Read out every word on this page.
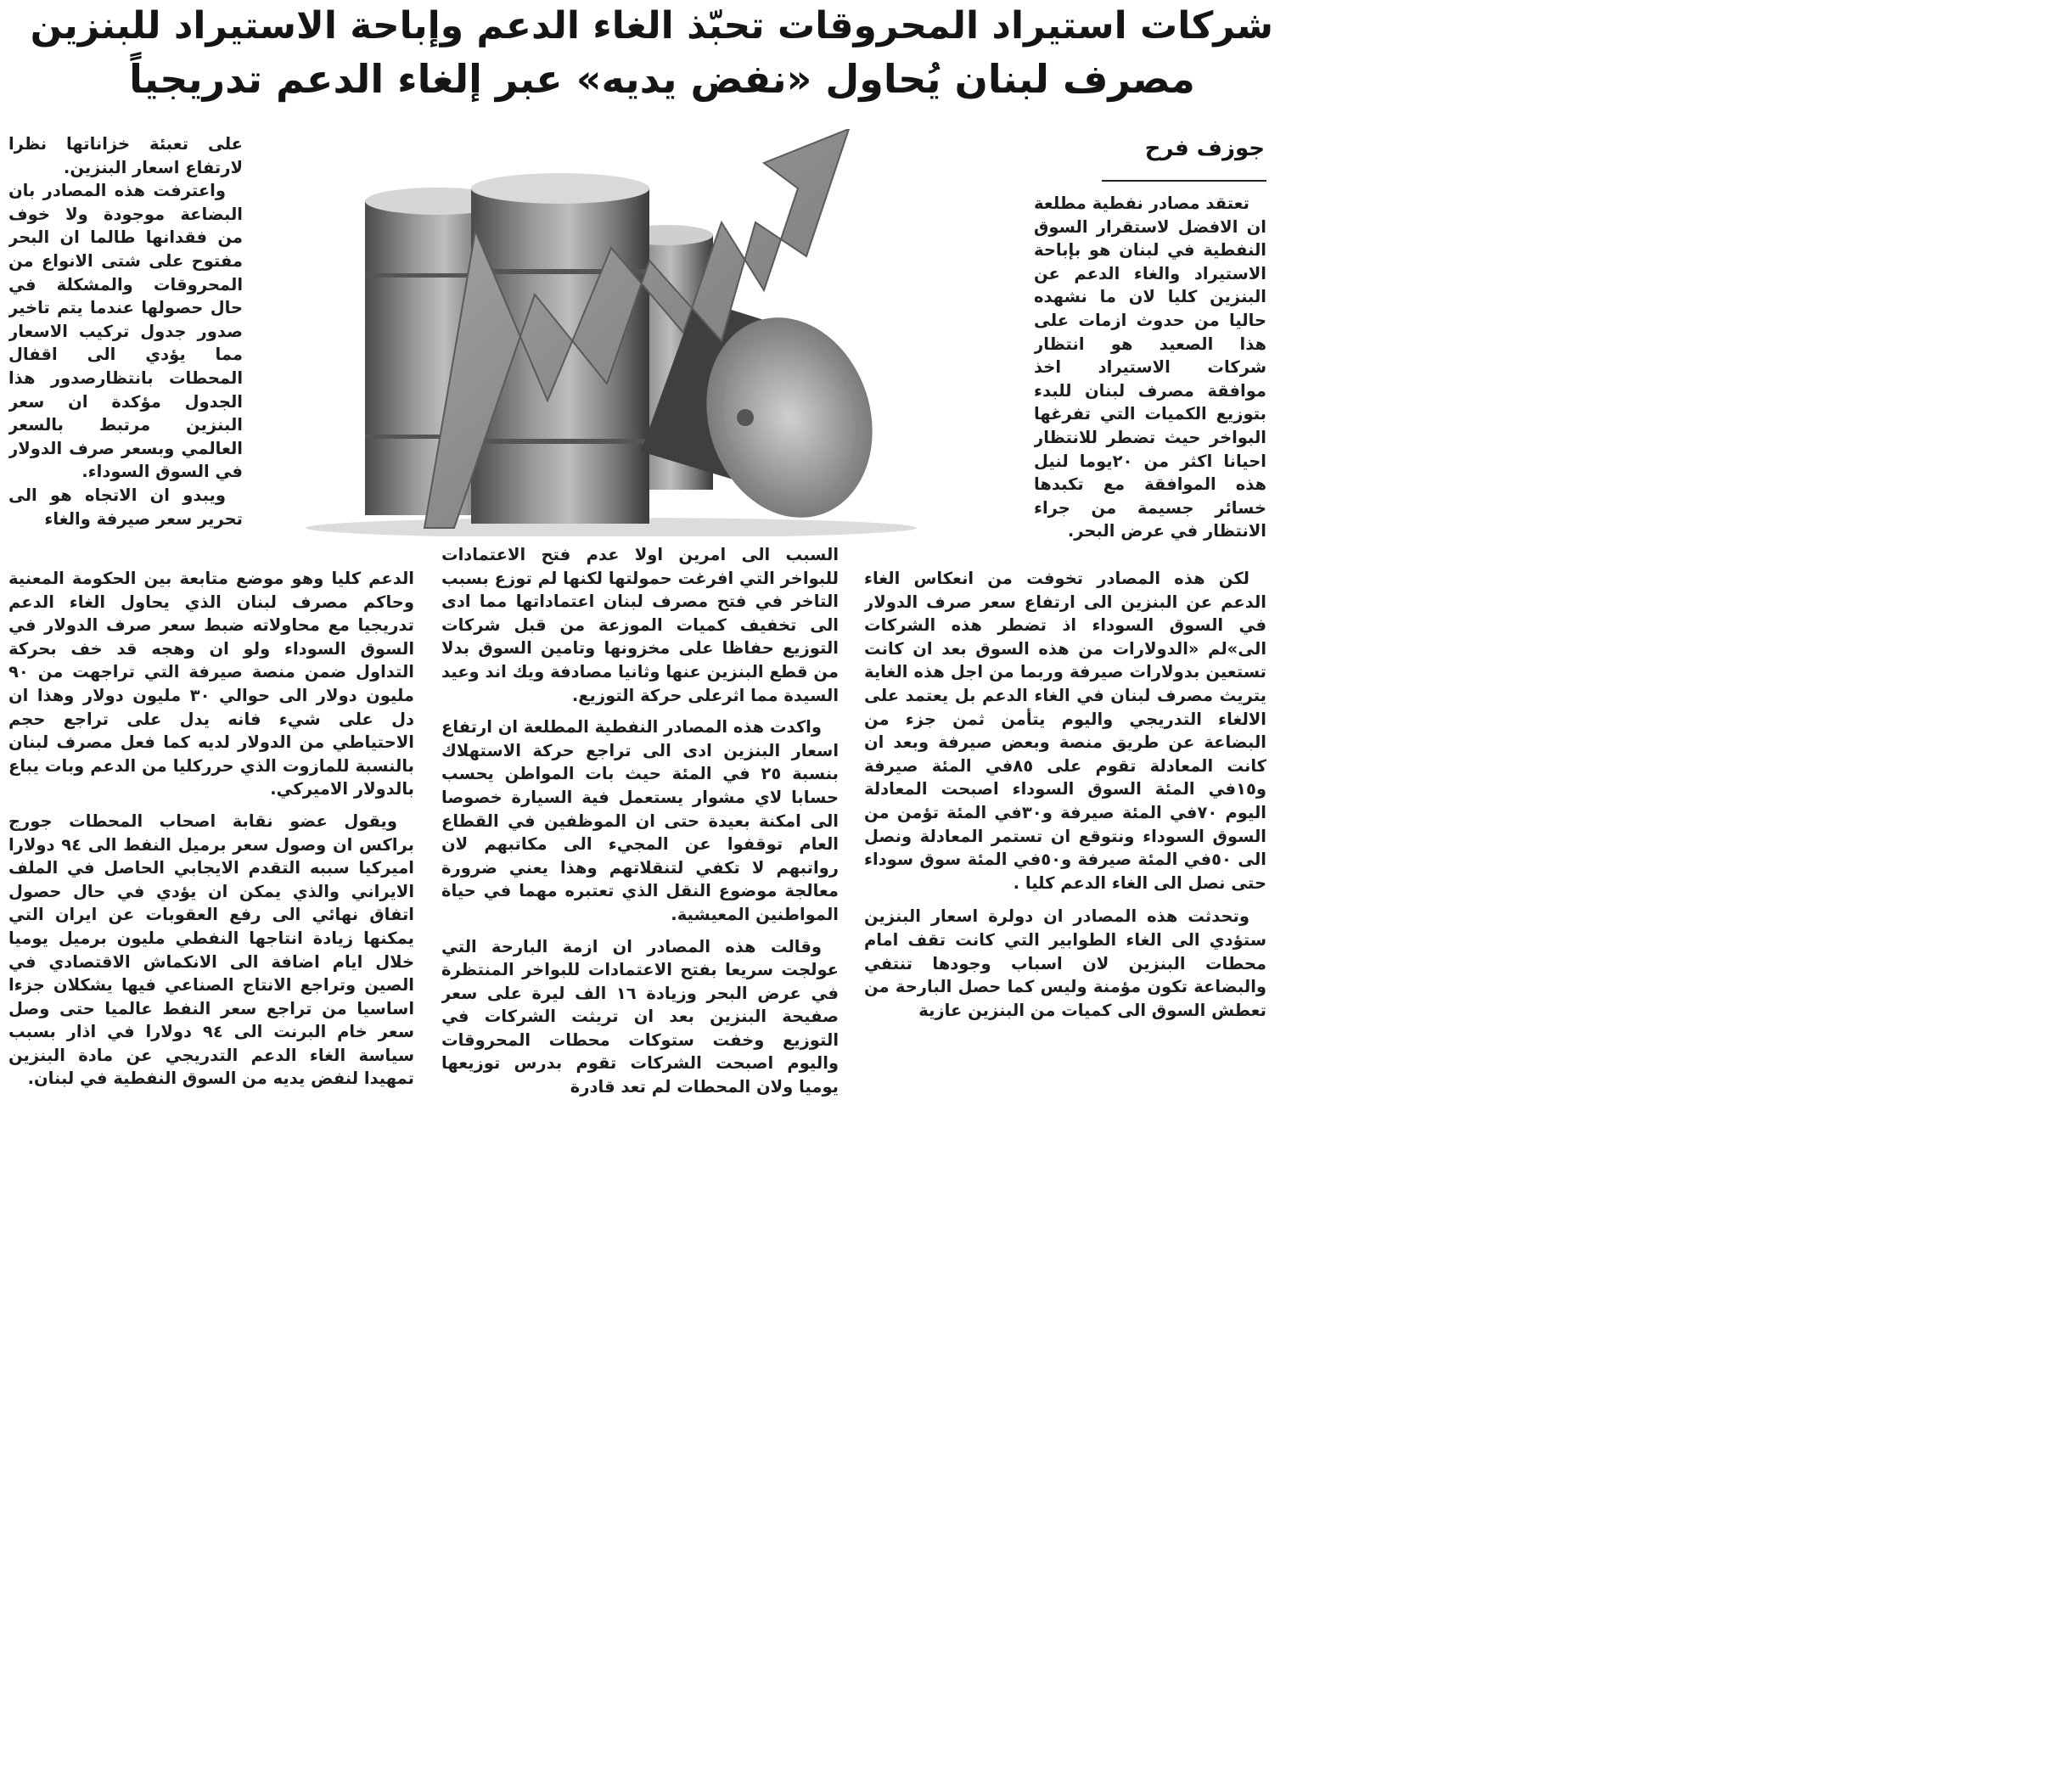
شركات استيراد المحروقات تحبّذ الغاء الدعم وإباحة الاستيراد للبنزين
مصرف لبنان يُحاول «نفض يديه» عبر إلغاء الدعم تدريجياً
جوزف فرح

تعتقد مصادر نفطية مطلعة ان الافضل لاستقرار السوق النفطية في لبنان هو بإباحة الاستيراد والغاء الدعم عن البنزين كليا لان ما نشهده حاليا من حدوث ازمات على هذا الصعيد هو انتظار شركات الاستيراد اخذ موافقة مصرف لبنان للبدء بتوزيع الكميات التي تفرغها البواخر حيث تضطر للانتظار احيانا اكثر من ٢٠يوما لنيل هذه الموافقة مع تكبدها خسائر جسيمة من جراء الانتظار في عرض البحر.

لكن هذه المصادر تخوفت من انعكاس الغاء الدعم عن البنزين الى ارتفاع سعر صرف الدولار في السوق السوداء اذ تضطر هذه الشركات الى»لم «الدولارات من هذه السوق بعد ان كانت تستعين بدولارات صيرفة وربما من اجل هذه الغاية يتريث مصرف لبنان في الغاء الدعم بل يعتمد على الالغاء التدريجي واليوم يتأمن ثمن جزء من البضاعة عن طريق منصة وبعض صيرفة وبعد ان كانت المعادلة تقوم على ٨٥في المئة صيرفة و١٥في المئة السوق السوداء اصبحت المعادلة اليوم ٧٠في المئة صيرفة و٣٠في المئة تؤمن من السوق السوداء ونتوقع ان تستمر المعادلة ونصل الى ٥٠في المئة صيرفة و٥٠في المئة سوق سوداء حتى نصل الى الغاء الدعم كليا .

وتحدثت هذه المصادر ان دولرة اسعار البنزين ستؤدي الى الغاء الطوابير التي كانت تقف امام محطات البنزين لان اسباب وجودها تنتفي والبضاعة تكون مؤمنة وليس كما حصل البارحة من تعطش السوق الى كميات من البنزين عازية

السبب الى امرين اولا عدم فتح الاعتمادات للبواخر التي افرغت حمولتها لكنها لم توزع بسبب التاخر في فتح مصرف لبنان اعتماداتها مما ادى الى تخفيف كميات الموزعة من قبل شركات التوزيع حفاظا على مخزونها وتامين السوق بدلا من قطع البنزين عنها وثانيا مصادفة ويك اند وعيد السيدة مما اثرعلى حركة التوزيع.

واكدت هذه المصادر النفطية المطلعة ان ارتفاع اسعار البنزين ادى الى تراجع حركة الاستهلاك بنسبة ٢٥ في المئة حيث بات المواطن يحسب حسابا لاي مشوار يستعمل فية السيارة خصوصا الى امكنة بعيدة حتى ان الموظفين في القطاع العام توقفوا عن المجيء الى مكاتبهم لان رواتبهم لا تكفي لتنقلاتهم وهذا يعني ضرورة معالجة موضوع النقل الذي تعتبره مهما في حياة المواطنين المعيشية.

وقالت هذه المصادر ان ازمة البارحة التي عولجت سريعا بفتح الاعتمادات للبواخر المنتظرة في عرض البحر وزيادة ١٦ الف ليرة على سعر صفيحة البنزين بعد ان تريثت الشركات في التوزيع وخفت ستوكات محطات المحروقات واليوم اصبحت الشركات تقوم بدرس توزيعها يوميا ولان المحطات لم تعد قادرة

على تعبئة خزاناتها نظرا لارتفاع اسعار البنزين.

واعترفت هذه المصادر بان البضاعة موجودة ولا خوف من فقدانها طالما ان البحر مفتوح على شتى الانواع من المحروقات والمشكلة في حال حصولها عندما يتم تاخير صدور جدول تركيب الاسعار مما يؤدي الى اقفال المحطات بانتظارصدور هذا الجدول مؤكدة ان سعر البنزين مرتبط بالسعر العالمي وبسعر صرف الدولار في السوق السوداء.

ويبدو ان الاتجاه هو الى تحرير سعر صيرفة والغاء

الدعم كليا وهو موضع متابعة بين الحكومة المعنية وحاكم مصرف لبنان الذي يحاول الغاء الدعم تدريجيا مع محاولاته ضبط سعر صرف الدولار في السوق السوداء ولو ان وهجه قد خف بحركة التداول ضمن منصة صيرفة التي تراجهت من ٩٠ مليون دولار الى حوالي ٣٠ مليون دولار وهذا ان دل على شيء فانه يدل على تراجع حجم الاحتياطي من الدولار لديه كما فعل مصرف لبنان بالنسبة للمازوت الذي حرركليا من الدعم وبات يباع بالدولار الاميركي.

ويقول عضو نقابة اصحاب المحطات جورج براكس ان وصول سعر برميل النفط الى ٩٤ دولارا اميركيا سببه التقدم الايجابي الحاصل في الملف الايراني والذي يمكن ان يؤدي في حال حصول اتفاق نهائي الى رفع العقوبات عن ايران التي يمكنها زيادة انتاجها النفطي مليون برميل يوميا خلال ايام اضافة الى الانكماش الاقتصادي في الصين وتراجع الانتاج الصناعي فيها يشكلان جزءا اساسيا من تراجع سعر النفط عالميا حتى وصل سعر خام البرنت الى ٩٤ دولارا في اذار بسبب سياسة الغاء الدعم التدريجي عن مادة البنزين تمهيدا لنفض يديه من السوق النفطية في لبنان.
